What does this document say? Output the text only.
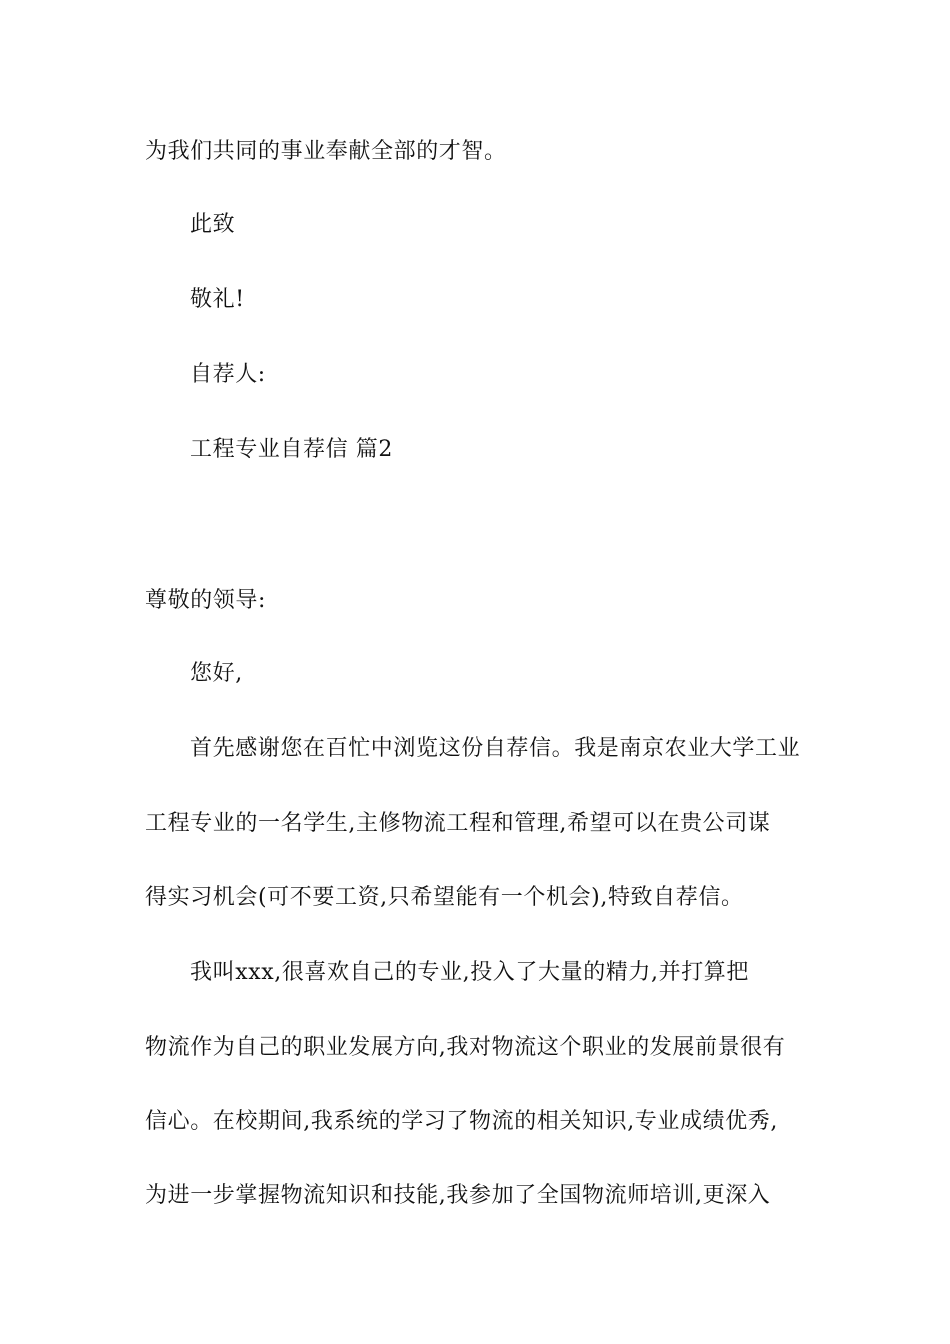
为我们共同的事业奉献全部的才智。
此致
敬礼!
自荐人:
工程专业自荐信 篇2
尊敬的领导:
您好,
首先感谢您在百忙中浏览这份自荐信。我是南京农业大学工业
工程专业的一名学生,主修物流工程和管理,希望可以在贵公司谋
得实习机会(可不要工资,只希望能有一个机会),特致自荐信。
我叫xxx,很喜欢自己的专业,投入了大量的精力,并打算把
物流作为自己的职业发展方向,我对物流这个职业的发展前景很有
信心。在校期间,我系统的学习了物流的相关知识,专业成绩优秀,
为进一步掌握物流知识和技能,我参加了全国物流师培训,更深入
